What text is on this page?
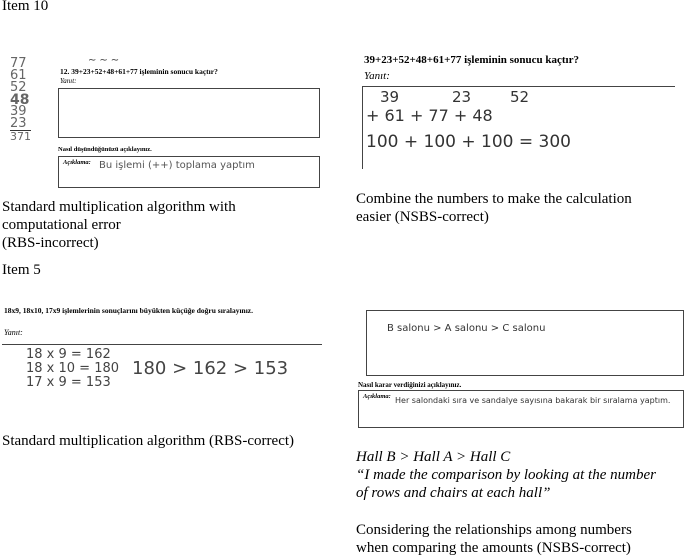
Item 10
Item 5
12. 39+23+52+48+61+77 işleminin sonucu kaçtır?
∼∼∼
Yanıt:
77
61
52
48
39
23
371
Nasıl düşündüğünüzü açıklayınız.
Açıklama: Bu işlemi (++) toplama yaptım
Standard multiplication algorithm with
computational error
(RBS-incorrect)
39+23+52+48+61+77 işleminin sonucu kaçtır?
Yanıt:
39	23	52
+ 61 + 77 + 48
100 + 100 + 100 = 300
Combine the numbers to make the calculation
easier (NSBS-correct)
18x9, 18x10, 17x9 işlemlerinin sonuçlarını büyükten küçüğe doğru sıralayınız.
Yanıt:
18 x 9 = 162
18 x 10 = 180
17 x 9 = 153
180 > 162 > 153
Standard multiplication algorithm (RBS-correct)
B salonu > A salonu > C salonu
Nasıl karar verdiğinizi açıklayınız.
Açıklama: Her salondaki sıra ve sandalye sayısına bakarak bir sıralama yaptım.
Hall B > Hall A > Hall C
“I made the comparison by looking at the number
of rows and chairs at each hall”
Considering the relationships among numbers
when comparing the amounts (NSBS-correct)
